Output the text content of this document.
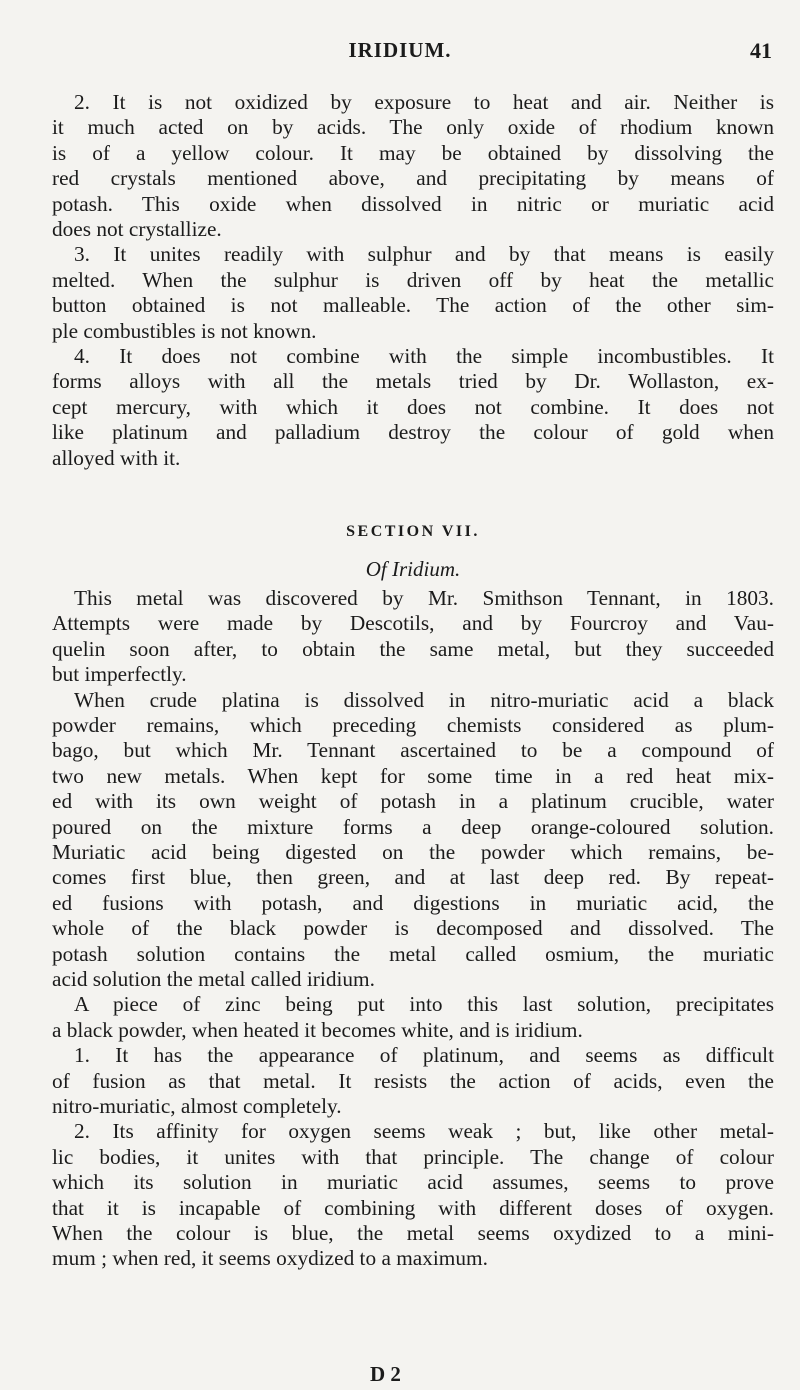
IRIDIUM.	41

2. It is not oxidized by exposure to heat and air. Neither is

it much acted on by acids. The only oxide of rhodium known

is of a yellow colour. It may be obtained by dissolving the

red crystals mentioned above, and precipitating by means of

potash. This oxide when dissolved in nitric or muriatic acid

does not crystallize.

3. It unites readily with sulphur and by that means is easily

melted. When the sulphur is driven off by heat the metallic

button obtained is not malleable. The action of the other sim-

ple combustibles is not known.

4. It does not combine with the simple incombustibles. It

forms alloys with all the metals tried by Dr. Wollaston, ex-

cept mercury, with which it does not combine. It does not

like platinum and palladium destroy the colour of gold when

alloyed with it.

SECTION VII.
Of Iridium.

This metal was discovered by Mr. Smithson Tennant, in 1803.

Attempts were made by Descotils, and by Fourcroy and Vau-

quelin soon after, to obtain the same metal, but they succeeded

but imperfectly.

When crude platina is dissolved in nitro-muriatic acid a black

powder remains, which preceding chemists considered as plum-

bago, but which Mr. Tennant ascertained to be a compound of

two new metals. When kept for some time in a red heat mix-

ed with its own weight of potash in a platinum crucible, water

poured on the mixture forms a deep orange-coloured solution.

Muriatic acid being digested on the powder which remains, be-

comes first blue, then green, and at last deep red. By repeat-

ed fusions with potash, and digestions in muriatic acid, the

whole of the black powder is decomposed and dissolved. The

potash solution contains the metal called osmium, the muriatic

acid solution the metal called iridium.

A piece of zinc being put into this last solution, precipitates

a black powder, when heated it becomes white, and is iridium.

1. It has the appearance of platinum, and seems as difficult

of fusion as that metal. It resists the action of acids, even the

nitro-muriatic, almost completely.

2. Its affinity for oxygen seems weak ; but, like other metal-

lic bodies, it unites with that principle. The change of colour

which its solution in muriatic acid assumes, seems to prove

that it is incapable of combining with different doses of oxygen.

When the colour is blue, the metal seems oxydized to a mini-

mum ; when red, it seems oxydized to a maximum.

D 2
